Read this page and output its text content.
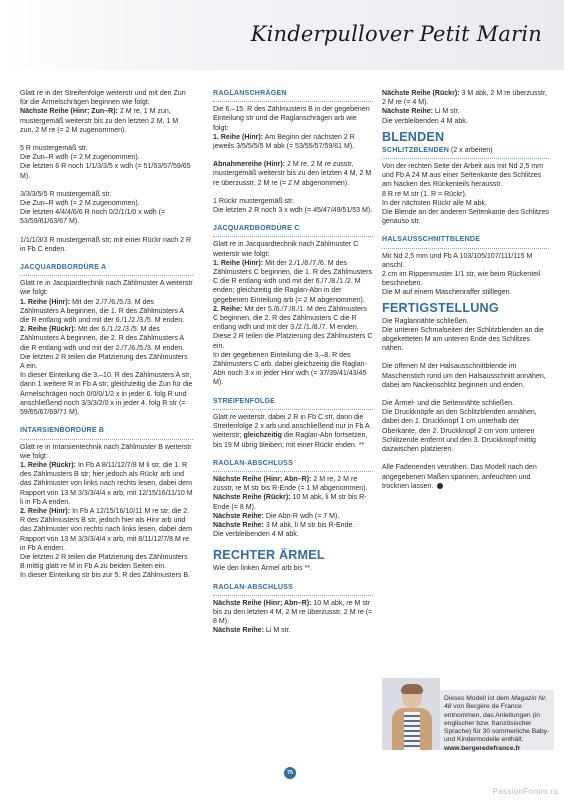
Kinderpullover Petit Marin

Glatt re in der Streifenfolge weiterstr und mit den Zun für die Ärmelschrägen beginnen wie folgt:
Nächste Reihe (Hinr; Zun–R): 2 M re, 1 M zun, mustergemäß weiterstr bis zu den letzten 2 M, 1 M zun, 2 M re (= 2 M zugenommen).

5 R mustergemäß str.
Die Zun–R wdh (= 2 M zugenommen).
Die letzten 6 R noch 1/1/3/3/5 x wdh (= 51/53/57/59/65 M).

3/3/3/5/5 R mustergemäß str.
Die Zun–R wdh (= 2 M zugenommen).
Die letzten 4/4/4/6/6 R noch 0/2/1/1/0 x wdh (= 53/59/61/63/67 M).

1/1/1/3/3 R mustergemäß str; mit einer Rückr nach 2 R in Fb C enden.

JACQUARDBORDÜRE A

Glatt re in Jacquardtechnik nach Zählmuster A weiterstr wie folgt:

1. Reihe (Hinr): Mit der 2./7./6./5./3. M des Zählmusters A beginnen, die 1. R des Zählmusters A die R entlang wdh und mit der 6./1./2./3./5. M enden.

2. Reihe (Rückr): Mit der 6./1./2./3./5. M des Zählmusters A beginnen, die 2. R des Zählmusters A die R entlang wdh und mit der 2./7./6./5./3. M enden.

Die letzten 2 R teilen die Platzierung des Zählmusters A ein.

In dieser Einteilung die 3.–10. R des Zählmusters A str, dann 1 weitere R in Fb A str; gleichzeitig die Zun für die Ärmelschrägen noch 0/0/0/1/2 x in jeder 6. folg R und anschließend noch 3/3/3/2/0 x in jeder 4. folg R str (= 59/65/67/69/71 M).

INTARSIENBORDÜRE B

Glatt re in Intarsientechnik nach Zählmuster B weiterstr wie folgt:

1. Reihe (Rückr): In Fb A 8/11/12/7/8 M li str, die 1. R des Zählmusters B str; hier jedoch als Rückr arb und das Zählmuster von links nach rechts lesen, dabei dem Rapport von 13 M 3/3/3/4/4 x arb, mit 12/15/16/11/10 M li in Fb A enden.

2. Reihe (Hinr): In Fb A 12/15/16/10/11 M re str, die 2. R des Zählmusters B str, jedoch hier als Hinr arb und das Zählmuster von rechts nach links lesen, dabei dem Rapport von 13 M 3/3/3/4/4 x arb, mit 8/11/12/7/8 M re in Fb A enden.

Die letzten 2 R teilen die Platzierung des Zählmusters B mittig glatt re M in Fb A zu beiden Seiten ein.

In dieser Einteilung str bis zur 5. R des Zählmusters B.

RAGLANSCHRÄGEN

Die 6.–15. R des Zählmusters B in der gegebenen Einteilung str und die Raglanschrägen arb wie folgt:

1. Reihe (Hinr): Am Beginn der nächsten 2 R jeweils 3/5/5/5/5 M abk (= 53/55/57/59/61 M).

Abnahmereihe (Hinr): 2 M re, 2 M re zusstr, mustergemäß weiterstr bis zu den letzten 4 M, 2 M re überzusstr, 2 M re (= 2 M abgenommen).

1 Rückr mustergemäß str.
Die letzten 2 R noch 3 x wdh (= 45/47/49/51/53 M).

JACQUARDBORDÜRE C

Glatt re in Jacquardtechnik nach Zählmuster C weiterstr wie folgt:

1. Reihe (Hinr): Mit der 2./1./8./7./6. M des Zählmusters C beginnen, die 1. R des Zählmusters C die R entlang wdh und mit der 6./7./8./1./2. M enden; gleichzeitig die Raglan-Abn in der gegebenen Einteilung arb (= 2 M abgenommen).

2. Reihe: Mit der 5./6./7./8./1. M des Zählmusters C beginnen, die 2. R des Zählmusters C die R entlang wdh und mit der 3./2./1./8./7. M enden.

Diese 2 R teilen die Platzierung des Zählmusters C ein.

In der gegebenen Einteilung die 3.–8. R des Zählmusters C arb, dabei gleichzeitig die Raglan-Abn noch 3 x in jeder Hinr wdh (= 37/39/41/43/45 M).

STREIFENFOLGE

Glatt re weiterstr, dabei 2 R in Fb C str, dann die Streifenfolge 2 x arb und anschließend nur in Fb A weiterstr; gleichzeitig die Raglan-Abn fortsetzen, bis 19 M übrig bleiben; mit einer Rückr enden. **

RAGLAN-ABSCHLUSS

Nächste Reihe (Hinr; Abn–R): 2 M re, 2 M re zusstr, re M str bis R-Ende (= 1 M abgenommen).

Nächste Reihe (Rückr): 10 M abk, li M str bis R-Ende (= 8 M).

Nächste Reihe: Die Abn-R wdh (= 7 M).

Nächste Reihe: 3 M abk, li M str bis R-Ende.

Die verbleibenden 4 M abk.

RECHTER ÄRMEL

Wie den linken Ärmel arb bis **.

RAGLAN-ABSCHLUSS

Nächste Reihe (Hinr; Abn–R): 10 M abk, re M str bis zu den letzten 4 M, 2 M re überzusstr, 2 M re (= 8 M).

Nächste Reihe: Li M str.

Nächste Reihe (Rückr): 3 M abk, 2 M re überzusstr, 2 M re (= 4 M).

Nächste Reihe: Li M str.

Die verbleibenden 4 M abk.

BLENDEN
SCHLITZBLENDEN (2 x arbeiten)

Von der rechten Seite der Arbeit aus mit Nd 2,5 mm und Fb A 24 M aus einer Seitenkante des Schlitzes am Nacken des Rückenteils herausstr.

8 R re M str (1. R = Rückr).
In der nächsten Rückr alle M abk.
Die Blende an der anderen Seitenkante des Schlitzes genauso str.

HALSAUSSCHNITTBLENDE

Mit Nd 2,5 mm und Fb A 103/105/107/111/115 M anschl.

2 cm im Rippenmuster 1/1 str, wie beim Rückenteil beschrieben.

Die M auf einem Maschenraffer stilllegen.

FERTIGSTELLUNG

Die Raglannähte schließen.
Die unteren Schmalseiten der Schlitzblenden an die abgeketteten M am unteren Ende des Schlitzes nähen.

Die offenen M der Halsausschnittblende im Maschenstich rund um den Halsausschnitt annähen, dabei am Nackenschlitz beginnen und enden.

Die Ärmel- und die Seitennähte schließen.
Die Druckknöpfe an den Schlitzblenden annähen, dabei den 1. Druckknopf 1 cm unterhalb der Oberkante, den 2. Druckknopf 2 cm vom unteren Schlitzende entfernt und den 3. Druckknopf mittig dazwischen platzieren.

Alle Fadenenden vernähen. Das Modell nach den angegebenen Maßen spannen, anfeuchten und trocknen lassen.

Dieses Modell ist dem Magazin Nr. 48 von Bergère de France entnommen, das Anleitungen (in englischer bzw. französischer Sprache) für 30 sommerliche Baby- und Kindermodelle enthält.
www.bergeredefrance.fr
75
PassionForum.ru
